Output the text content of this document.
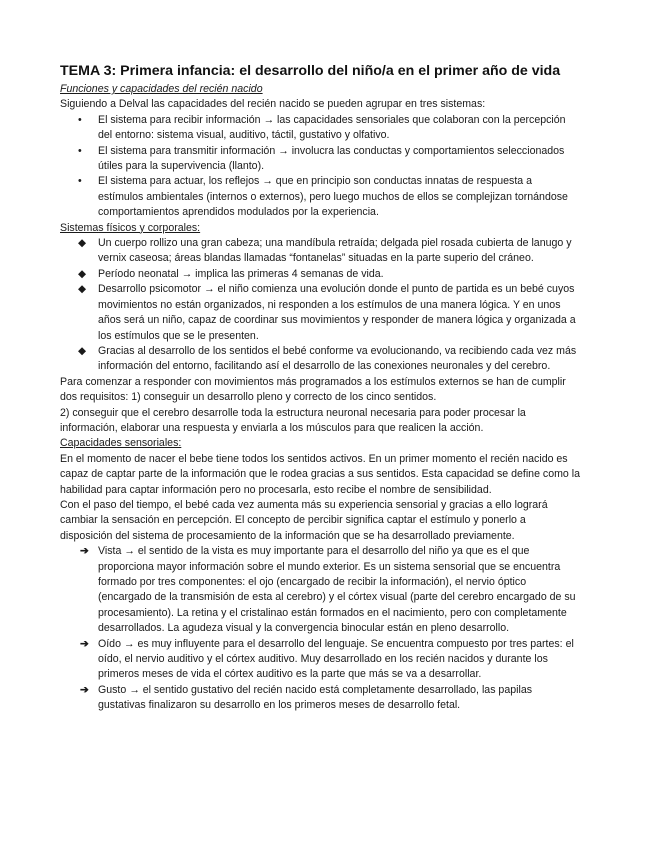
TEMA 3: Primera infancia: el desarrollo del niño/a en el primer año de vida

Funciones y capacidades del recién nacido

Siguiendo a Delval las capacidades del recién nacido se pueden agrupar en tres sistemas:

•	El sistema para recibir información → las capacidades sensoriales que colaboran con la percepción del entorno: sistema visual, auditivo, táctil, gustativo y olfativo.
•	El sistema para transmitir información → involucra las conductas y comportamientos seleccionados útiles para la supervivencia (llanto).
•	El sistema para actuar, los reflejos → que en principio son conductas innatas de respuesta a estímulos ambientales (internos o externos), pero luego muchos de ellos se complejizan tornándose comportamientos aprendidos modulados por la experiencia.

Sistemas físicos y corporales:

◆	Un cuerpo rollizo una gran cabeza; una mandíbula retraída; delgada piel rosada cubierta de lanugo y vernix caseosa; áreas blandas llamadas “fontanelas” situadas en la parte superio del cráneo.
◆	Período neonatal → implica las primeras 4 semanas de vida.
◆	Desarrollo psicomotor → el niño comienza una evolución donde el punto de partida es un bebé cuyos movimientos no están organizados, ni responden a los estímulos de una manera lógica. Y en unos años será un niño, capaz de coordinar sus movimientos y responder de manera lógica y organizada a los estímulos que se le presenten.
◆	Gracias al desarrollo de los sentidos el bebé conforme va evolucionando, va recibiendo cada vez más información del entorno, facilitando así el desarrollo de las conexiones neuronales y del cerebro.

Para comenzar a responder con movimientos más programados a los estímulos externos se han de cumplir dos requisitos: 1) conseguir un desarrollo pleno y correcto de los cinco sentidos.

2) conseguir que el cerebro desarrolle toda la estructura neuronal necesaria para poder procesar la información, elaborar una respuesta y enviarla a los músculos para que realicen la acción.

Capacidades sensoriales:

En el momento de nacer el bebe tiene todos los sentidos activos. En un primer momento el recién nacido es capaz de captar parte de la información que le rodea gracias a sus sentidos. Esta capacidad se define como la habilidad para captar información pero no procesarla, esto recibe el nombre de sensibilidad.

Con el paso del tiempo, el bebé cada vez aumenta más su experiencia sensorial y gracias a ello logrará cambiar la sensación en percepción. El concepto de percibir significa captar el estímulo y ponerlo a disposición del sistema de procesamiento de la información que se ha desarrollado previamente.

➔ Vista → el sentido de la vista es muy importante para el desarrollo del niño ya que es el que proporciona mayor información sobre el mundo exterior. Es un sistema sensorial que se encuentra formado por tres componentes: el ojo (encargado de recibir la información), el nervio óptico (encargado de la transmisión de esta al cerebro) y el córtex visual (parte del cerebro encargado de su procesamiento). La retina y el cristalinao están formados en el nacimiento, pero con completamente desarrollados. La agudeza visual y la convergencia binocular están en pleno desarrollo.
➔ Oído → es muy influyente para el desarrollo del lenguaje. Se encuentra compuesto por tres partes: el oído, el nervio auditivo y el córtex auditivo. Muy desarrollado en los recién nacidos y durante los primeros meses de vida el córtex auditivo es la parte que más se va a desarrollar.
➔ Gusto → el sentido gustativo del recién nacido está completamente desarrollado, las papilas gustativas finalizaron su desarrollo en los primeros meses de desarrollo fetal.
